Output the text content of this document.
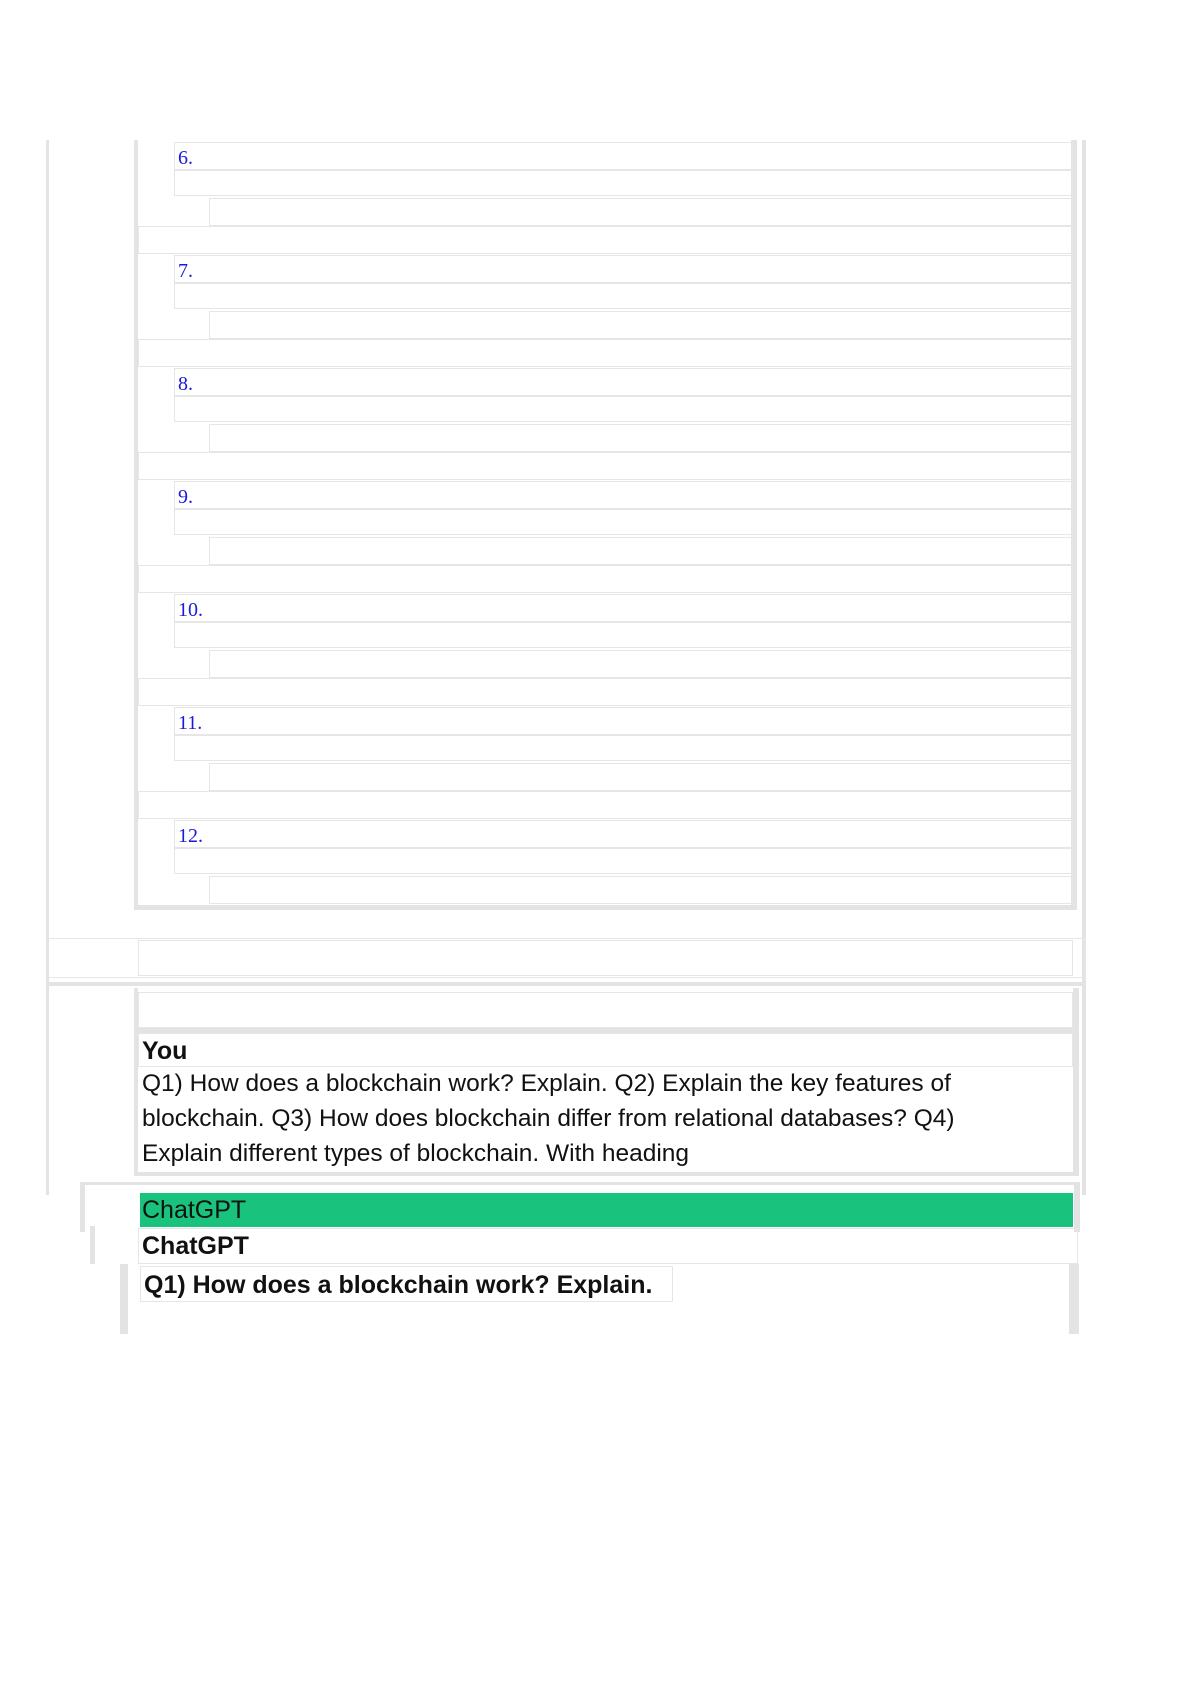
6.
7.
8.
9.
10.
11.
12.
You
Q1) How does a blockchain work? Explain. Q2) Explain the key features of
blockchain. Q3) How does blockchain differ from relational databases? Q4)
Explain different types of blockchain. With heading
ChatGPT
ChatGPT
Q1) How does a blockchain work? Explain.
